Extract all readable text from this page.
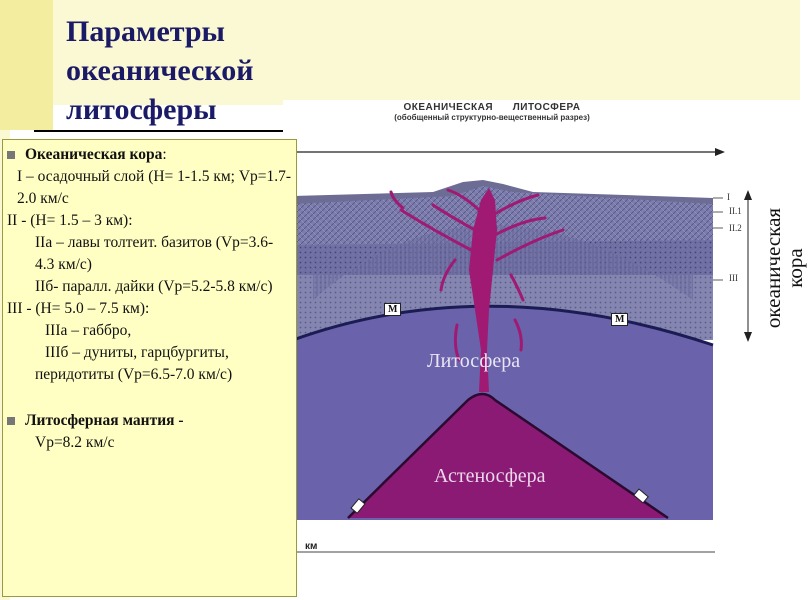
Параметры океанической литосферы	ОКЕАНИЧЕСКАЯ      ЛИТОСФЕРА
(обобщенный структурно-вещественный разрез)
I
II.1
II.2
III
M
M
Литосфера
Астеносфера
океаническая кора
км

Океаническая кора:

I – осадочный слой (H= 1-1.5 км; Vp=1.7-2.0 км/с

II - (H= 1.5 – 3 км):

IIа – лавы толтеит. базитов (Vp=3.6-4.3 км/с)

IIб- паралл. дайки (Vp=5.2-5.8 км/с)

III - (H= 5.0 – 7.5 км):

IIIа – габбро,

IIIб – дуниты, гарцбургиты, перидотиты (Vp=6.5-7.0 км/с)

Литосферная мантия -

Vp=8.2 км/с
